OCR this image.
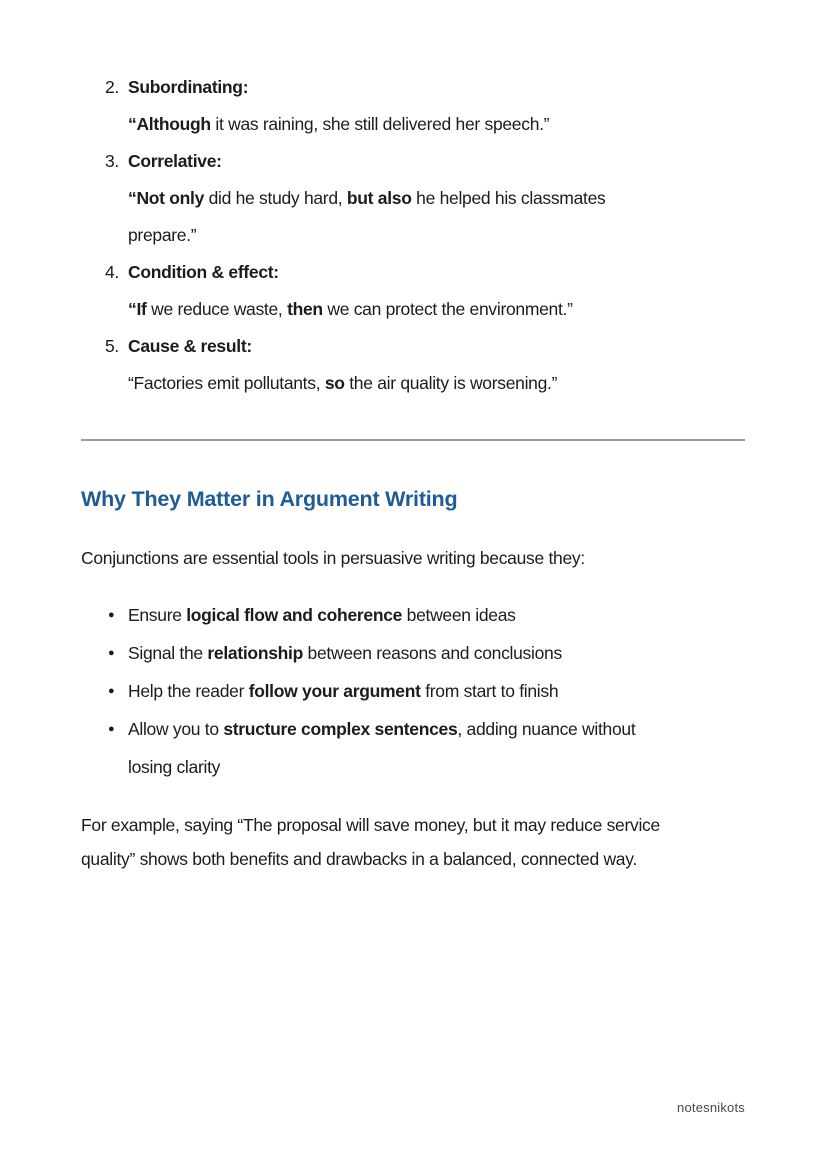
2. Subordinating:
“Although it was raining, she still delivered her speech.”
3. Correlative:
“Not only did he study hard, but also he helped his classmates
prepare.”
4. Condition & effect:
“If we reduce waste, then we can protect the environment.”
5. Cause & result:
“Factories emit pollutants, so the air quality is worsening.”
Why They Matter in Argument Writing

Conjunctions are essential tools in persuasive writing because they:

● Ensure logical flow and coherence between ideas
● Signal the relationship between reasons and conclusions
● Help the reader follow your argument from start to finish
● Allow you to structure complex sentences, adding nuance without
losing clarity

For example, saying “The proposal will save money, but it may reduce service
quality” shows both benefits and drawbacks in a balanced, connected way.

notesnikots
